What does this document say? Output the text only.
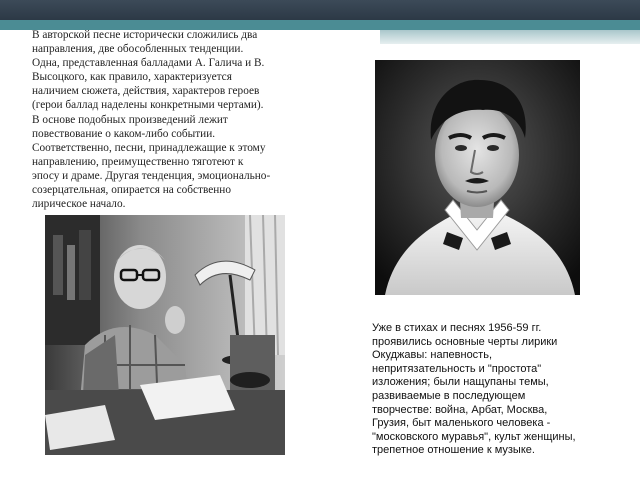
В авторской песне исторически сложились два

направления, две обособленных тенденции.

Одна, представленная балладами А. Галича и В.

Высоцкого, как правило, характеризуется

наличием сюжета, действия, характеров героев

(герои баллад наделены конкретными чертами).

В основе подобных произведений лежит

повествование о каком-либо событии.

Соответственно, песни, принадлежащие к этому

направлению, преимущественно тяготеют к

эпосу и драме. Другая тенденция, эмоционально-

созерцательная, опирается на собственно

лирическое начало.

Уже в стихах и песнях 1956-59 гг.

проявились основные черты лирики

Окуджавы: напевность,

непритязательность и "простота"

изложения; были нащупаны темы,

развиваемые в последующем

творчестве: война, Арбат, Москва,

Грузия, быт маленького человека -

"московского муравья", культ женщины,

трепетное отношение к музыке.
